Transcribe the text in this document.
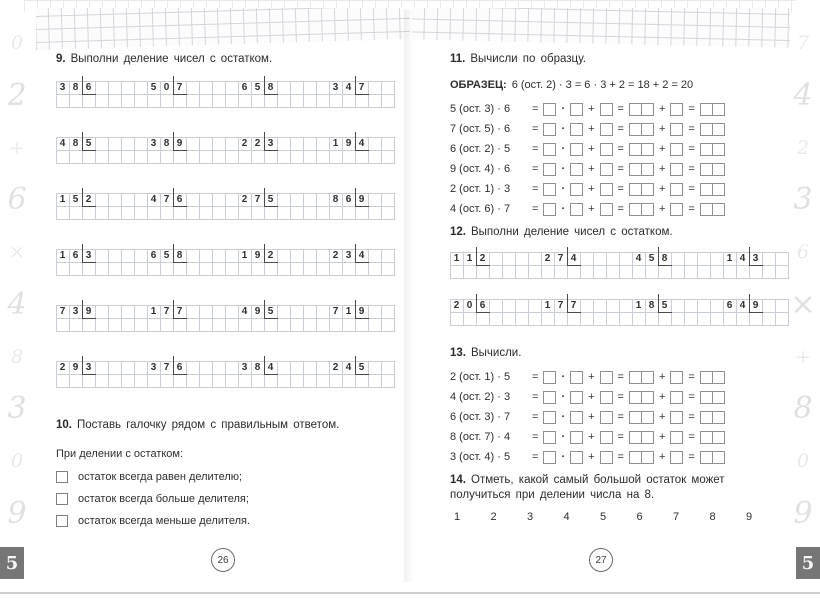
0
2
+
6
×
4
8
3
0
9
7
4
2
3
6
×
+
8
0
9
9. Выполни деление чисел с остатком.
3 8 6	5 0 7	6 5 8	3 4 7
4 8 5	3 8 9	2 2 3	1 9 4
1 5 2	4 7 6	2 7 5	8 6 9
1 6 3	6 5 8	1 9 2	2 3 4
7 3 9	1 7 7	4 9 5	7 1 9
2 9 3	3 7 6	3 8 4	2 4 5
10. Поставь галочку рядом с правильным ответом.
При делении с остатком:
остаток всегда равен делителю;
остаток всегда больше делителя;
остаток всегда меньше делителя.
26
11. Вычисли по образцу.
ОБРАЗЕЦ: 6 (ост. 2) · 3 = 6 · 3 + 2 = 18 + 2 = 20
5 (ост. 3) · 6	= · + =	+ =
7 (ост. 5) · 6	= · + =	+ =
6 (ост. 2) · 5	= · + =	+ =
9 (ост. 4) · 6	= · + =	+ =
2 (ост. 1) · 3	= · + =	+ =
4 (ост. 6) · 7	= · + =	+ =
12. Выполни деление чисел с остатком.
1 1 2	2 7 4	4 5 8	1 4 3
2 0 6	1 7 7	1 8 5	6 4 9
13. Вычисли.
2 (ост. 1) · 5	= · + =	+ =
4 (ост. 2) · 3	= · + =	+ =
6 (ост. 3) · 7	= · + =	+ =
8 (ост. 7) · 4	= · + =	+ =
3 (ост. 4) · 5	= · + =	+ =
14. Отметь, какой самый большой остаток может получиться при делении числа на 8.
1	2	3	4	5	6	7	8	9
27
5	5
